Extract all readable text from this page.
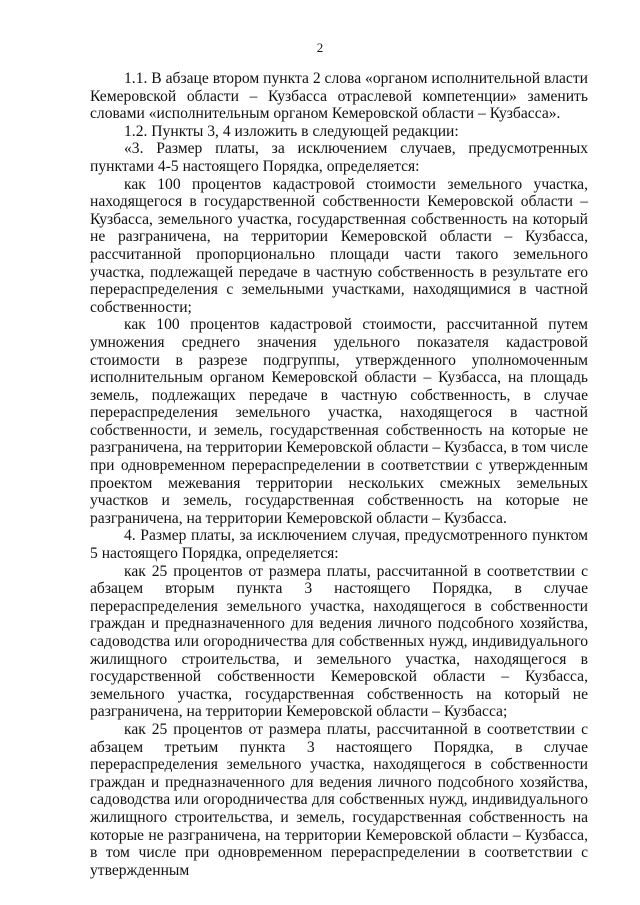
2

1.1. В абзаце втором пункта 2 слова «органом исполнительной власти Кемеровской области – Кузбасса отраслевой компетенции» заменить словами «исполнительным органом Кемеровской области – Кузбасса».

1.2. Пункты 3, 4 изложить в следующей редакции:

«3. Размер платы, за исключением случаев, предусмотренных пунктами 4-5 настоящего Порядка, определяется:

как 100 процентов кадастровой стоимости земельного участка, находящегося в государственной собственности Кемеровской области – Кузбасса, земельного участка, государственная собственность на который не разграничена, на территории Кемеровской области – Кузбасса, рассчитанной пропорционально площади части такого земельного участка, подлежащей передаче в частную собственность в результате его перераспределения с земельными участками, находящимися в частной собственности;

как 100 процентов кадастровой стоимости, рассчитанной путем умножения среднего значения удельного показателя кадастровой стоимости в разрезе подгруппы, утвержденного уполномоченным исполнительным органом Кемеровской области – Кузбасса, на площадь земель, подлежащих передаче в частную собственность, в случае перераспределения земельного участка, находящегося в частной собственности, и земель, государственная собственность на которые не разграничена, на территории Кемеровской области – Кузбасса, в том числе при одновременном перераспределении в соответствии с утвержденным проектом межевания территории нескольких смежных земельных участков и земель, государственная собственность на которые не разграничена, на территории Кемеровской области – Кузбасса.

4. Размер платы, за исключением случая, предусмотренного пунктом 5 настоящего Порядка, определяется:

как 25 процентов от размера платы, рассчитанной в соответствии с абзацем вторым пункта 3 настоящего Порядка, в случае перераспределения земельного участка, находящегося в собственности граждан и предназначенного для ведения личного подсобного хозяйства, садоводства или огородничества для собственных нужд, индивидуального жилищного строительства, и земельного участка, находящегося в государственной собственности Кемеровской области – Кузбасса, земельного участка, государственная собственность на который не разграничена, на территории Кемеровской области – Кузбасса;

как 25 процентов от размера платы, рассчитанной в соответствии с абзацем третьим пункта 3 настоящего Порядка, в случае перераспределения земельного участка, находящегося в собственности граждан и предназначенного для ведения личного подсобного хозяйства, садоводства или огородничества для собственных нужд, индивидуального жилищного строительства, и земель, государственная собственность на которые не разграничена, на территории Кемеровской области – Кузбасса, в том числе при одновременном перераспределении в соответствии с утвержденным
